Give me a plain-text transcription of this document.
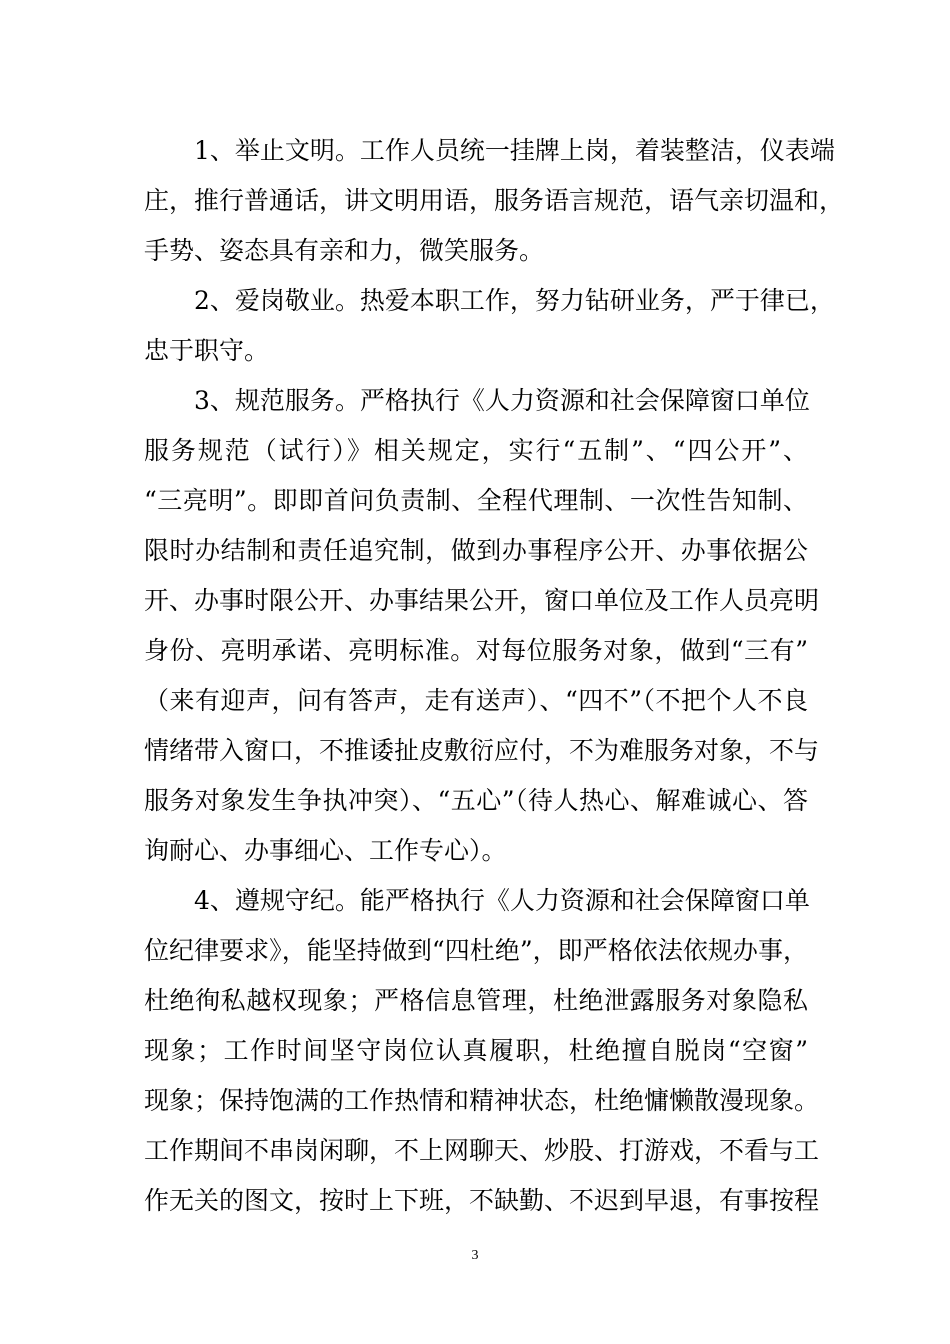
1、举止文明。工作人员统一挂牌上岗，着装整洁，仪表端
庄，推行普通话，讲文明用语，服务语言规范，语气亲切温和，
手势、姿态具有亲和力，微笑服务。
2、爱岗敬业。热爱本职工作，努力钻研业务，严于律已，
忠于职守。
3、规范服务。严格执行《人力资源和社会保障窗口单位
服务规范（试行）》相关规定，实行“五制”、“四公开”、
“三亮明”。即即首问负责制、全程代理制、一次性告知制、
限时办结制和责任追究制，做到办事程序公开、办事依据公
开、办事时限公开、办事结果公开，窗口单位及工作人员亮明
身份、亮明承诺、亮明标准。对每位服务对象，做到“三有”
（来有迎声，问有答声，走有送声）、“四不”（不把个人不良
情绪带入窗口，不推诿扯皮敷衍应付，不为难服务对象，不与
服务对象发生争执冲突）、“五心”（待人热心、解难诚心、答
询耐心、办事细心、工作专心）。
4、遵规守纪。能严格执行《人力资源和社会保障窗口单
位纪律要求》，能坚持做到“四杜绝”，即严格依法依规办事，
杜绝徇私越权现象；严格信息管理，杜绝泄露服务对象隐私
现象；工作时间坚守岗位认真履职，杜绝擅自脱岗“空窗”
现象；保持饱满的工作热情和精神状态，杜绝慵懒散漫现象。
工作期间不串岗闲聊，不上网聊天、炒股、打游戏，不看与工
作无关的图文，按时上下班，不缺勤、不迟到早退，有事按程
3
